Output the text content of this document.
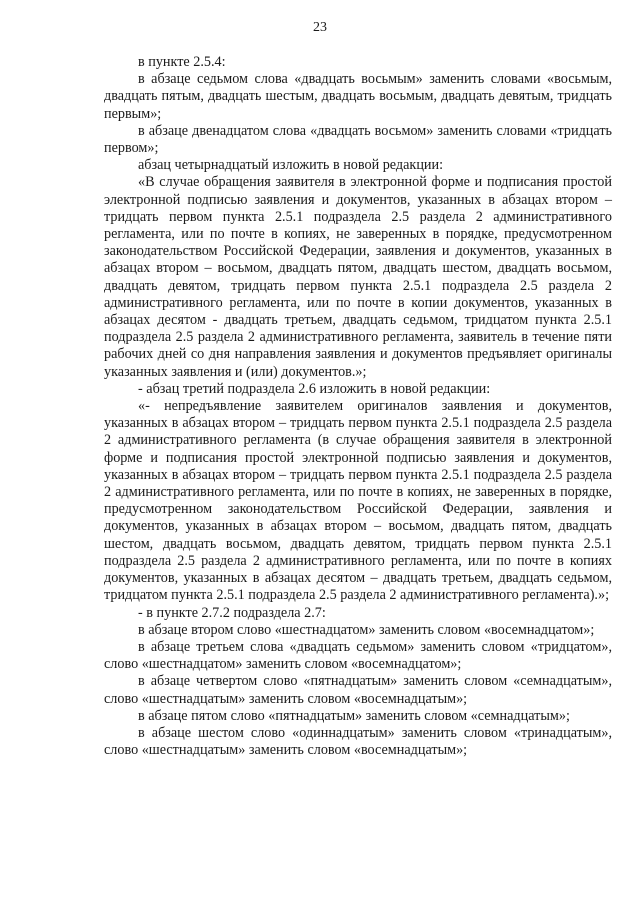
23

в пункте 2.5.4:

в абзаце седьмом слова «двадцать восьмым» заменить словами «восьмым, двадцать пятым, двадцать шестым, двадцать восьмым, двадцать девятым, тридцать первым»;

в абзаце двенадцатом слова «двадцать восьмом» заменить словами «тридцать первом»;

абзац четырнадцатый изложить в новой редакции:

«В случае обращения заявителя в электронной форме и подписания простой электронной подписью заявления и документов, указанных в абзацах втором – тридцать первом пункта 2.5.1 подраздела 2.5 раздела 2 административного регламента, или по почте в копиях, не заверенных в порядке, предусмотренном законодательством Российской Федерации, заявления и документов, указанных в абзацах втором – восьмом, двадцать пятом, двадцать шестом, двадцать восьмом, двадцать девятом, тридцать первом пункта 2.5.1 подраздела 2.5 раздела 2 административного регламента, или по почте в копии документов, указанных в абзацах десятом - двадцать третьем, двадцать седьмом, тридцатом пункта 2.5.1 подраздела 2.5 раздела 2 административного регламента, заявитель в течение пяти рабочих дней со дня направления заявления и документов предъявляет оригиналы указанных заявления и (или) документов.»;

- абзац третий подраздела 2.6 изложить в новой редакции:

«- непредъявление заявителем оригиналов заявления и документов, указанных в абзацах втором – тридцать первом пункта 2.5.1 подраздела 2.5 раздела 2 административного регламента (в случае обращения заявителя в электронной форме и подписания простой электронной подписью заявления и документов, указанных в абзацах втором – тридцать первом пункта 2.5.1 подраздела 2.5 раздела 2 административного регламента, или по почте в копиях, не заверенных в порядке, предусмотренном законодательством Российской Федерации, заявления и документов, указанных в абзацах втором – восьмом, двадцать пятом, двадцать шестом, двадцать восьмом, двадцать девятом, тридцать первом пункта 2.5.1 подраздела 2.5 раздела 2 административного регламента, или по почте в копиях документов, указанных в абзацах десятом – двадцать третьем, двадцать седьмом, тридцатом пункта 2.5.1 подраздела 2.5 раздела 2 административного регламента).»;

- в пункте 2.7.2 подраздела 2.7:

в абзаце втором слово «шестнадцатом» заменить словом «восемнадцатом»;

в абзаце третьем слова «двадцать седьмом» заменить словом «тридцатом», слово «шестнадцатом» заменить словом «восемнадцатом»;

в абзаце четвертом слово «пятнадцатым» заменить словом «семнадцатым», слово «шестнадцатым» заменить словом «восемнадцатым»;

в абзаце пятом слово «пятнадцатым» заменить словом «семнадцатым»;

в абзаце шестом слово «одиннадцатым» заменить словом «тринадцатым», слово «шестнадцатым» заменить словом «восемнадцатым»;
